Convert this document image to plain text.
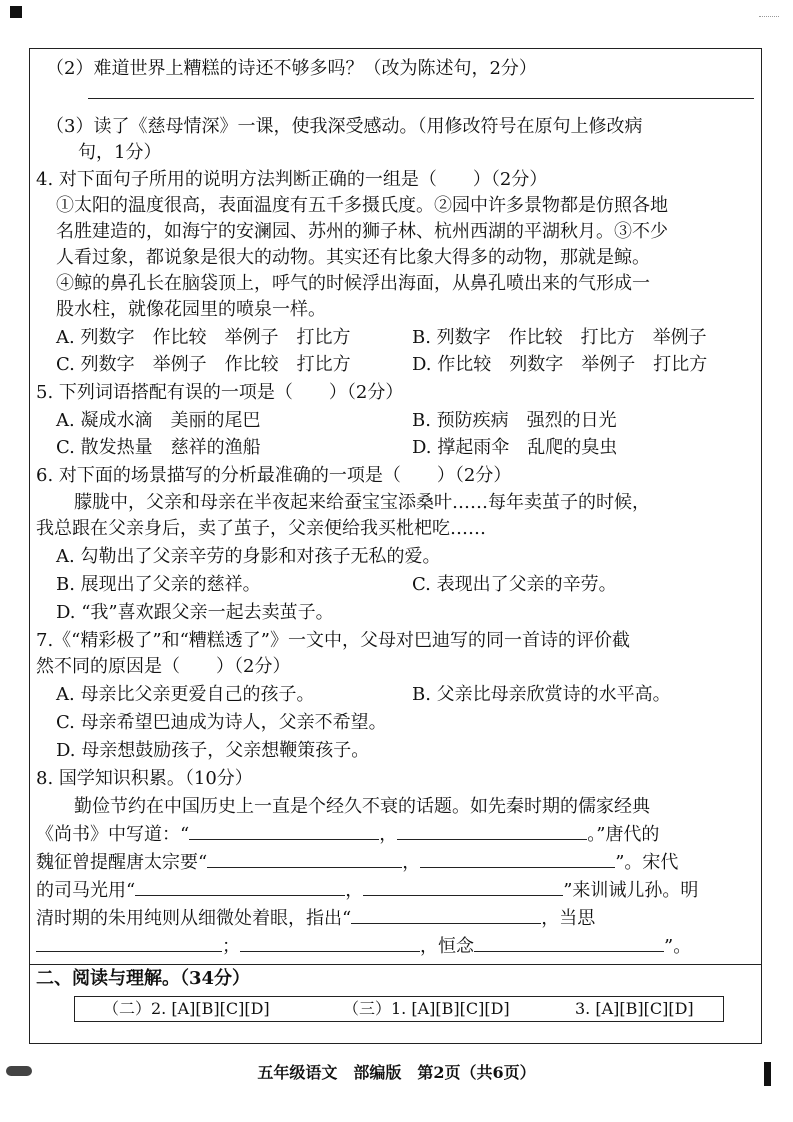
（2）难道世界上糟糕的诗还不够多吗？（改为陈述句，2分）
（3）读了《慈母情深》一课，使我深受感动。（用修改符号在原句上修改病
句，1分）
4. 对下面句子所用的说明方法判断正确的一组是（　　）（2分）
①太阳的温度很高，表面温度有五千多摄氏度。②园中许多景物都是仿照各地
名胜建造的，如海宁的安澜园、苏州的狮子林、杭州西湖的平湖秋月。③不少
人看过象，都说象是很大的动物。其实还有比象大得多的动物，那就是鲸。
④鲸的鼻孔长在脑袋顶上，呼气的时候浮出海面，从鼻孔喷出来的气形成一
股水柱，就像花园里的喷泉一样。
A. 列数字　作比较　举例子　打比方	B. 列数字　作比较　打比方　举例子
C. 列数字　举例子　作比较　打比方	D. 作比较　列数字　举例子　打比方
5. 下列词语搭配有误的一项是（　　）（2分）
A. 凝成水滴　美丽的尾巴	B. 预防疾病　强烈的日光
C. 散发热量　慈祥的渔船	D. 撑起雨伞　乱爬的臭虫
6. 对下面的场景描写的分析最准确的一项是（　　）（2分）
朦胧中，父亲和母亲在半夜起来给蚕宝宝添桑叶……每年卖茧子的时候，
我总跟在父亲身后，卖了茧子，父亲便给我买枇杷吃……
A. 勾勒出了父亲辛劳的身影和对孩子无私的爱。
B. 展现出了父亲的慈祥。	C. 表现出了父亲的辛劳。
D. “我”喜欢跟父亲一起去卖茧子。
7.《“精彩极了”和“糟糕透了”》一文中，父母对巴迪写的同一首诗的评价截
然不同的原因是（　　）（2分）
A. 母亲比父亲更爱自己的孩子。	B. 父亲比母亲欣赏诗的水平高。
C. 母亲希望巴迪成为诗人，父亲不希望。
D. 母亲想鼓励孩子，父亲想鞭策孩子。
8. 国学知识积累。（10分）
勤俭节约在中国历史上一直是个经久不衰的话题。如先秦时期的儒家经典
《尚书》中写道：“	，	。”唐代的
魏征曾提醒唐太宗要“	，	”。宋代
的司马光用“	，	”来训诫儿孙。明
清时期的朱用纯则从细微处着眼，指出“	，当思
；	，恒念	”。
二、阅读与理解。（34分）
（二）2. [A][B][C][D]	（三）1. [A][B][C][D]	3. [A][B][C][D]
五年级语文　部编版　第2页（共6页）
